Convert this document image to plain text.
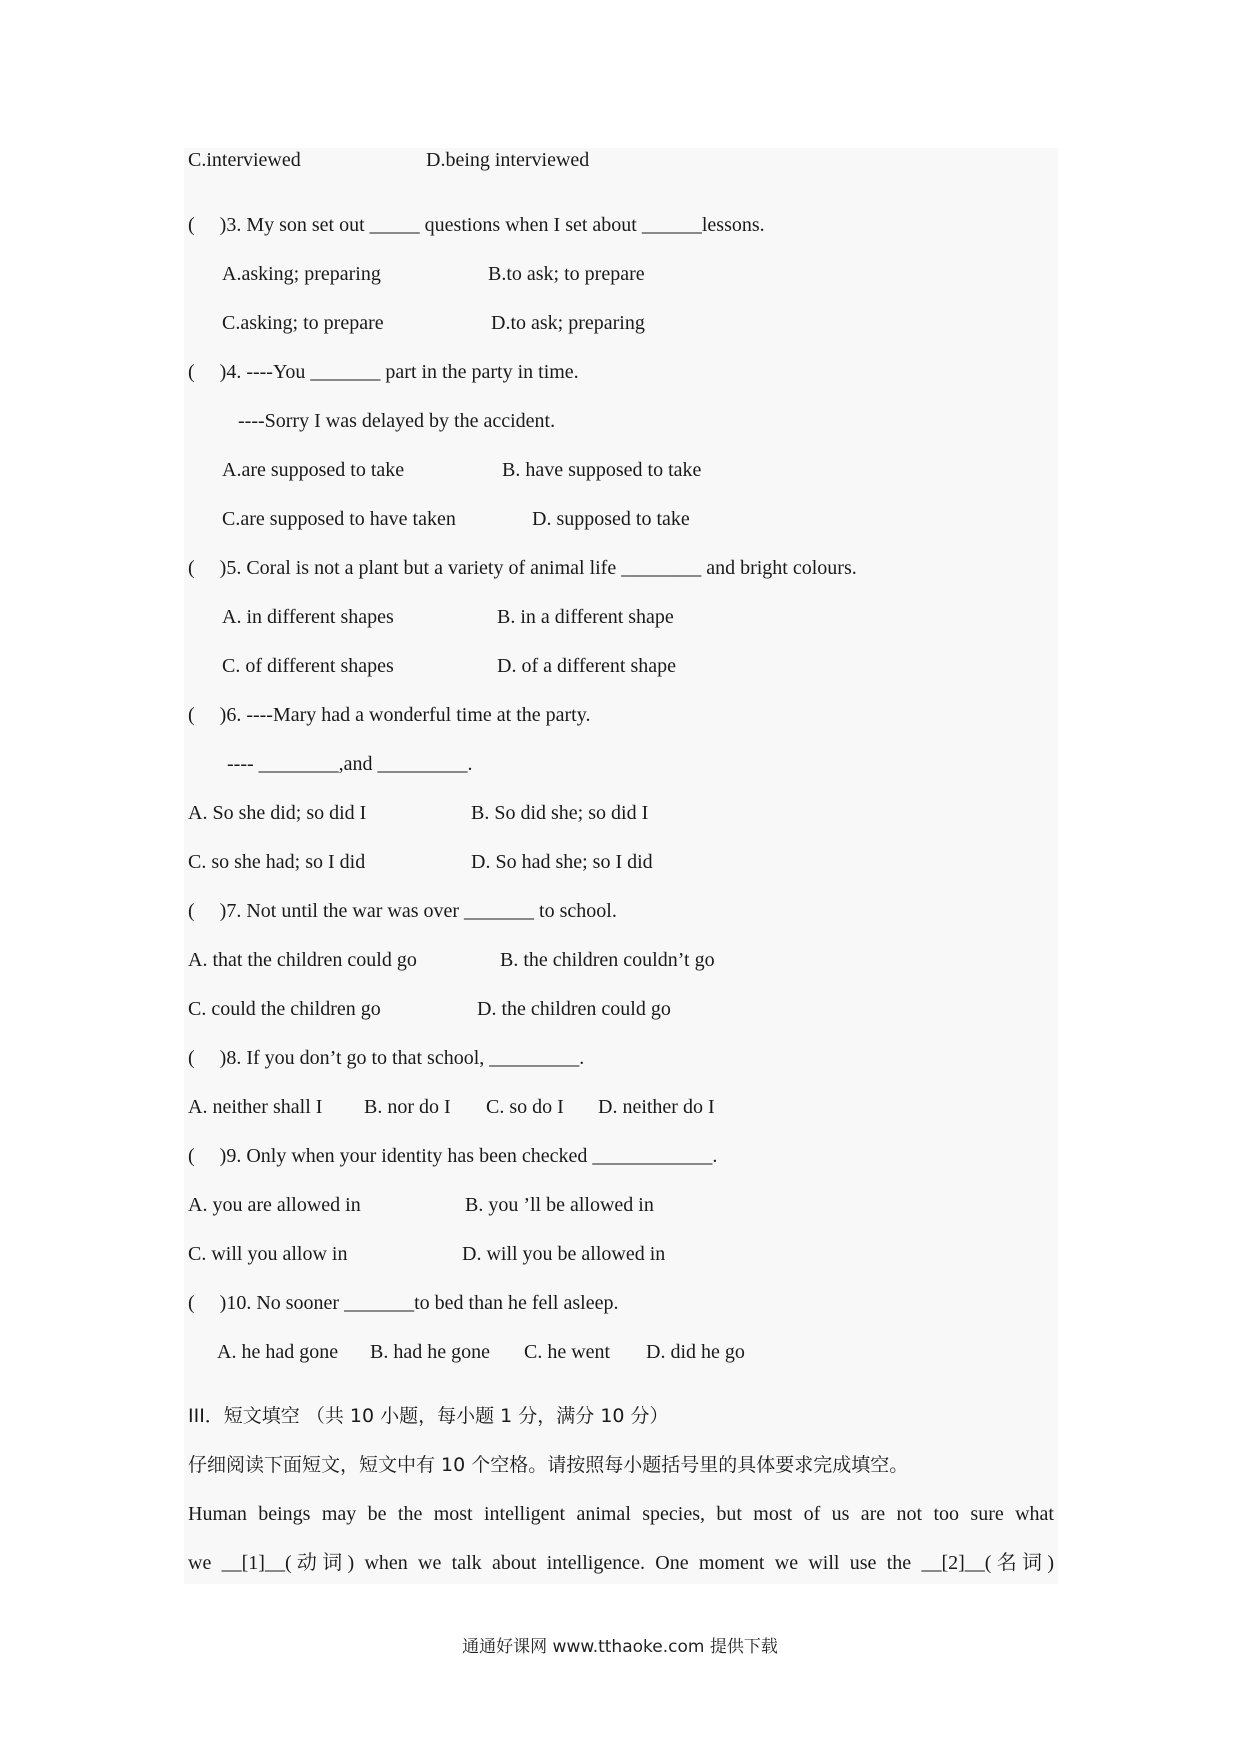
C.interviewed	D.being interviewed
(     )3. My son set out _____ questions when I set about ______lessons.
A.asking; preparing	B.to ask; to prepare
C.asking; to prepare	D.to ask; preparing
(     )4. ----You _______ part in the party in time.
----Sorry I was delayed by the accident.
A.are supposed to take	B. have supposed to take
C.are supposed to have taken	D. supposed to take
(     )5. Coral is not a plant but a variety of animal life ________ and bright colours.
A. in different shapes	B. in a different shape
C. of different shapes	D. of a different shape
(     )6. ----Mary had a wonderful time at the party.
---- ________,and _________.
A. So she did; so did I	B. So did she; so did I
C. so she had; so I did	D. So had she; so I did
(     )7. Not until the war was over _______ to school.
A. that the children could go	B. the children couldn’t go
C. could the children go	D. the children could go
(     )8. If you don’t go to that school, _________.
A. neither shall I B. nor do I C. so do I D. neither do I
(     )9. Only when your identity has been checked ____________.
A. you are allowed in	B. you ’ll be allowed in
C. will you allow in	D. will you be allowed in
(     )10. No sooner _______to bed than he fell asleep.
A. he had gone B. had he gone C. he went D. did he go
III．短文填空 （共 10 小题，每小题 1 分，满分 10 分）
仔细阅读下面短文，短文中有 10 个空格。请按照每小题括号里的具体要求完成填空。
Human beings may be the most intelligent animal species, but most of us are not too sure what
we __[1]__(动词) when we talk about intelligence. One moment we will use the __[2]__(名词)
通通好课网 www.tthaoke.com 提供下载
